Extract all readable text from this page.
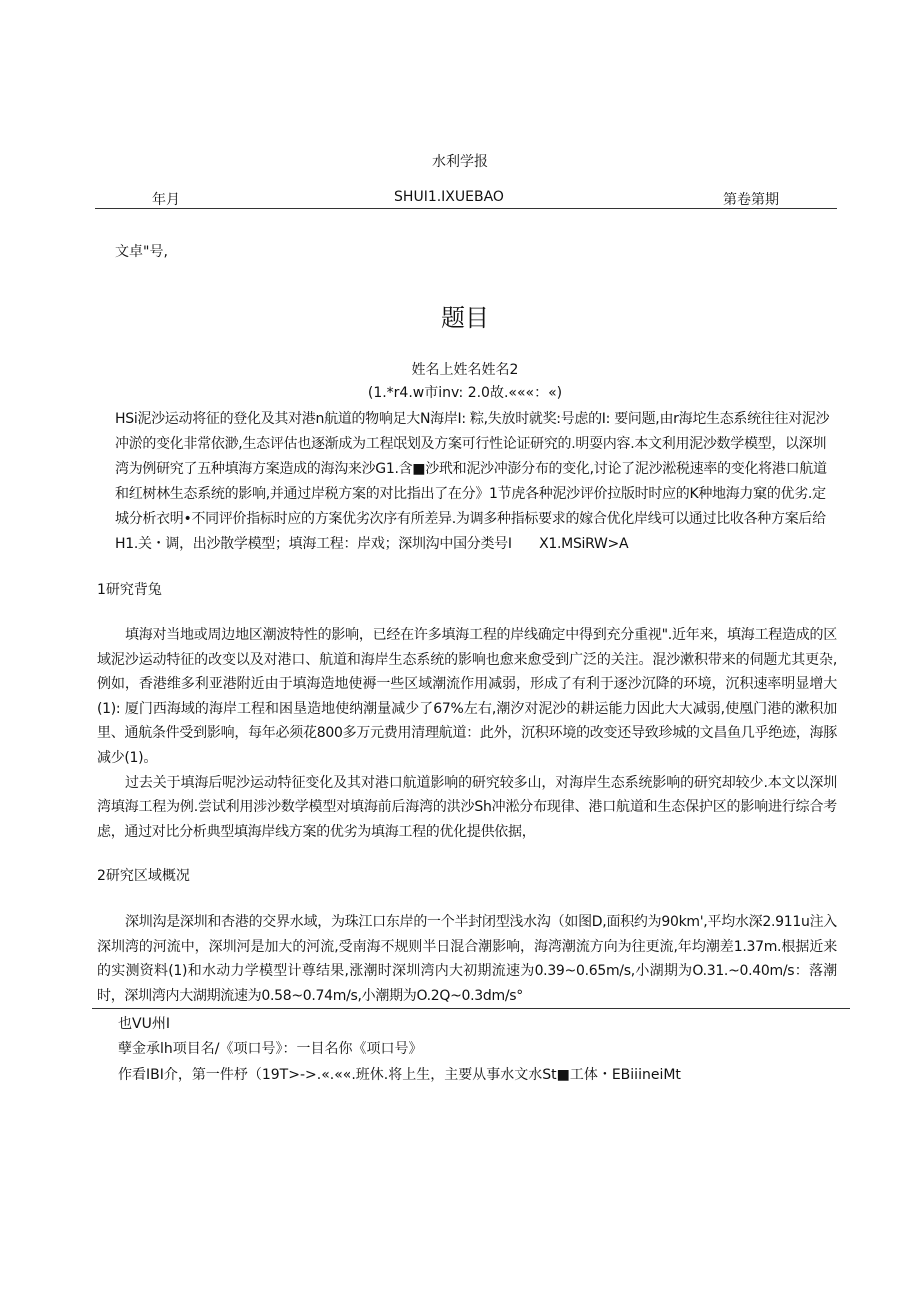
水利学报
年月	SHUI1.IXUEBAO	第卷第期
文卓"号,
题目
姓名上姓名姓名2
(1.*r4.w市inv: 2.0故.«««：«)
HSi泥沙运动将征的登化及其对港n航道的物响足大N海岸I: 粽,失放时就奖:号虑的I: 要问题,由r海坨生态系统往往对泥沙
冲淤的变化非常依渺,生态评估也逐渐成为工程氓划及方案可行性论证研究的.明耍内容.本文利用泥沙数学模型，以深圳
湾为例研究了五种填海方案造成的海沟来沙G1.含■沙玳和泥沙冲澎分布的变化,讨论了泥沙淞税速率的变化将港口航道
和红树林生态系统的影响,并通过岸税方案的对比指出了在分》1节虎各种泥沙评价拉版时时应的K种地海力窠的优劣.定
城分析衣明•不同评价指标时应的方案优劣次序有所差异.为调多种指标要求的嫁合优化岸线可以通过比收各种方案后给
H1.关・调，出沙散学模型；填海工程：岸戏；深圳沟中国分类号I　　X1.MSiRW>A
1研究背兔

填海对当地或周边地区潮波特性的影响，已经在许多填海工程的岸线确定中得到充分重视".近年来，填海工程造成的区域泥沙运动特征的改变以及对港口、航道和海岸生态系统的影响也愈来愈受到广泛的关注。混沙漱积带来的伺题尤其更杂,例如，香港维多利亚港附近由于填海造地使褥一些区域潮流作用减弱，形成了有利于逐沙沉降的环境，沉积速率明显增大(1): 厦门西海域的海岸工程和困垦造地使纳潮量减少了67%左右,潮汐对泥沙的耕运能力因此大大减弱,使凰门港的漱积加里、通航条件受到影响，每年必须花800多万元费用清理航道：此外，沉积环境的改变还导致珍城的文昌鱼几乎绝迹，海豚减少(1)。

过去关于填海后呢沙运动特征变化及其对港口航道影响的研究较多山，对海岸生态系统影响的研究却较少.本文以深圳湾填海工程为例.尝试利用涉沙数学模型对填海前后海湾的洪沙Sh冲淞分布现律、港口航道和生态保护区的影响进行综合考虑，通过对比分析典型填海岸线方案的优劣为填海工程的优化提供依据，

2研究区域概况

深圳沟是深圳和杏港的交界水域，为珠江口东岸的一个半封闭型浅水沟（如图D,面积约为90km',平均水深2.911u注入深圳湾的河流中，深圳河是加大的河流,受南海不规则半日混合潮影响，海湾潮流方向为往更流,年均潮差1.37m.根据近来的实测资料(1)和水动力学模型计尊结果,涨潮时深圳湾内大初期流速为0.39~0.65m/s,小湖期为O.31.~0.40m/s：落潮时，深圳湾内大湖期流速为0.58~0.74m/s,小潮期为O.2Q~0.3dm/s°

也VU州I
孽金承lh项目名/《项口号》：一目名你《项口号》
作看IBI介，第一件杼（19T>->.«.««.班休.将上生，主要从事水文水St■工体・EBiiineiMt
